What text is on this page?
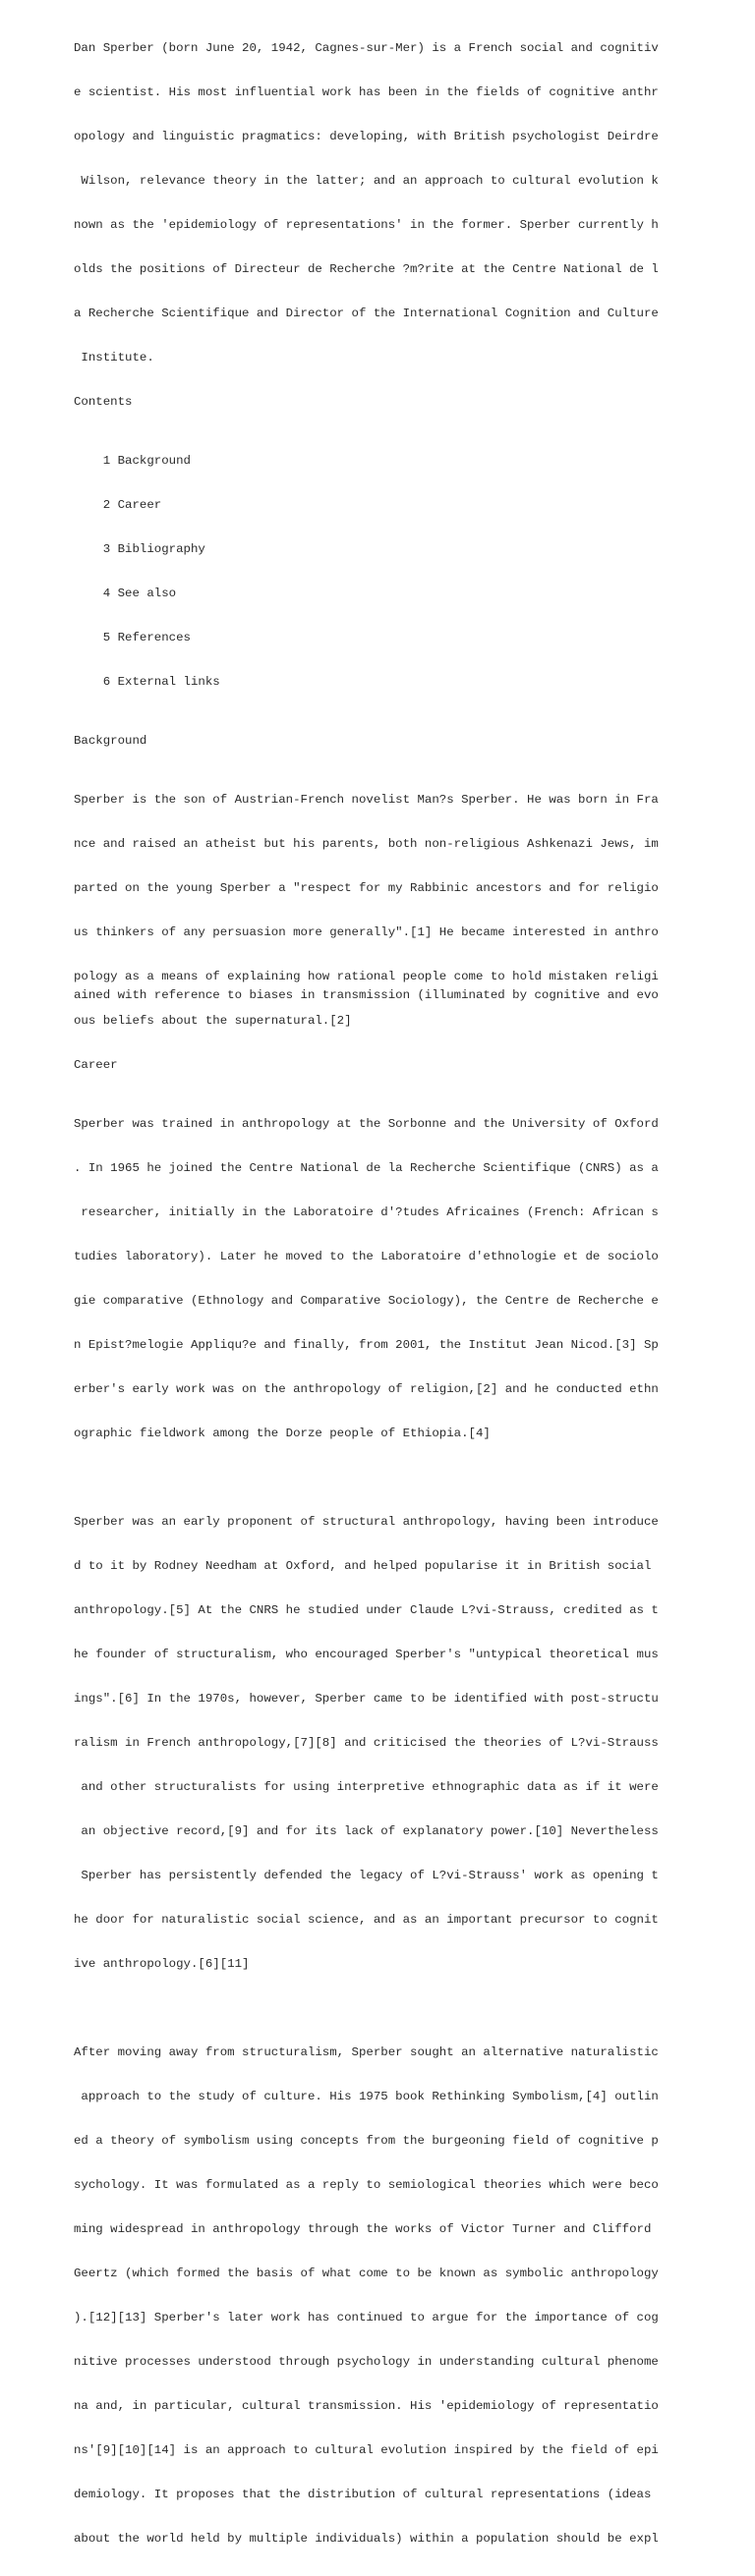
Dan Sperber (born June 20, 1942, Cagnes-sur-Mer) is a French social and cognitiv

e scientist. His most influential work has been in the fields of cognitive anthr

opology and linguistic pragmatics: developing, with British psychologist Deirdre

Wilson, relevance theory in the latter; and an approach to cultural evolution k

nown as the 'epidemiology of representations' in the former. Sperber currently h

olds the positions of Directeur de Recherche ?m?rite at the Centre National de l

a Recherche Scientifique and Director of the International Cognition and Culture

Institute.

Contents

1 Background

2 Career

3 Bibliography

4 See also

5 References

6 External links

Background

Sperber is the son of Austrian-French novelist Man?s Sperber. He was born in Fra

nce and raised an atheist but his parents, both non-religious Ashkenazi Jews, im

parted on the young Sperber a "respect for my Rabbinic ancestors and for religio

us thinkers of any persuasion more generally".[1] He became interested in anthro

pology as a means of explaining how rational people come to hold mistaken religi

ous beliefs about the supernatural.[2]

Career

Sperber was trained in anthropology at the Sorbonne and the University of Oxford

. In 1965 he joined the Centre National de la Recherche Scientifique (CNRS) as a

researcher, initially in the Laboratoire d'?tudes Africaines (French: African s

tudies laboratory). Later he moved to the Laboratoire d'ethnologie et de sociolo

gie comparative (Ethnology and Comparative Sociology), the Centre de Recherche e

n Epist?melogie Appliqu?e and finally, from 2001, the Institut Jean Nicod.[3] Sp

erber's early work was on the anthropology of religion,[2] and he conducted ethn

ographic fieldwork among the Dorze people of Ethiopia.[4]

Sperber was an early proponent of structural anthropology, having been introduce

d to it by Rodney Needham at Oxford, and helped popularise it in British social

anthropology.[5] At the CNRS he studied under Claude L?vi-Strauss, credited as t

he founder of structuralism, who encouraged Sperber's "untypical theoretical mus

ings".[6] In the 1970s, however, Sperber came to be identified with post-structu

ralism in French anthropology,[7][8] and criticised the theories of L?vi-Strauss

and other structuralists for using interpretive ethnographic data as if it were

an objective record,[9] and for its lack of explanatory power.[10] Nevertheless

Sperber has persistently defended the legacy of L?vi-Strauss' work as opening t

he door for naturalistic social science, and as an important precursor to cognit

ive anthropology.[6][11]

After moving away from structuralism, Sperber sought an alternative naturalistic

approach to the study of culture. His 1975 book Rethinking Symbolism,[4] outlin

ed a theory of symbolism using concepts from the burgeoning field of cognitive p

sychology. It was formulated as a reply to semiological theories which were beco

ming widespread in anthropology through the works of Victor Turner and Clifford

Geertz (which formed the basis of what come to be known as symbolic anthropology

).[12][13] Sperber's later work has continued to argue for the importance of cog

nitive processes understood through psychology in understanding cultural phenome

na and, in particular, cultural transmission. His 'epidemiology of representatio

ns'[9][10][14] is an approach to cultural evolution inspired by the field of epi

demiology. It proposes that the distribution of cultural representations (ideas

about the world held by multiple individuals) within a population should be expl

ained with reference to biases in transmission (illuminated by cognitive and evo
